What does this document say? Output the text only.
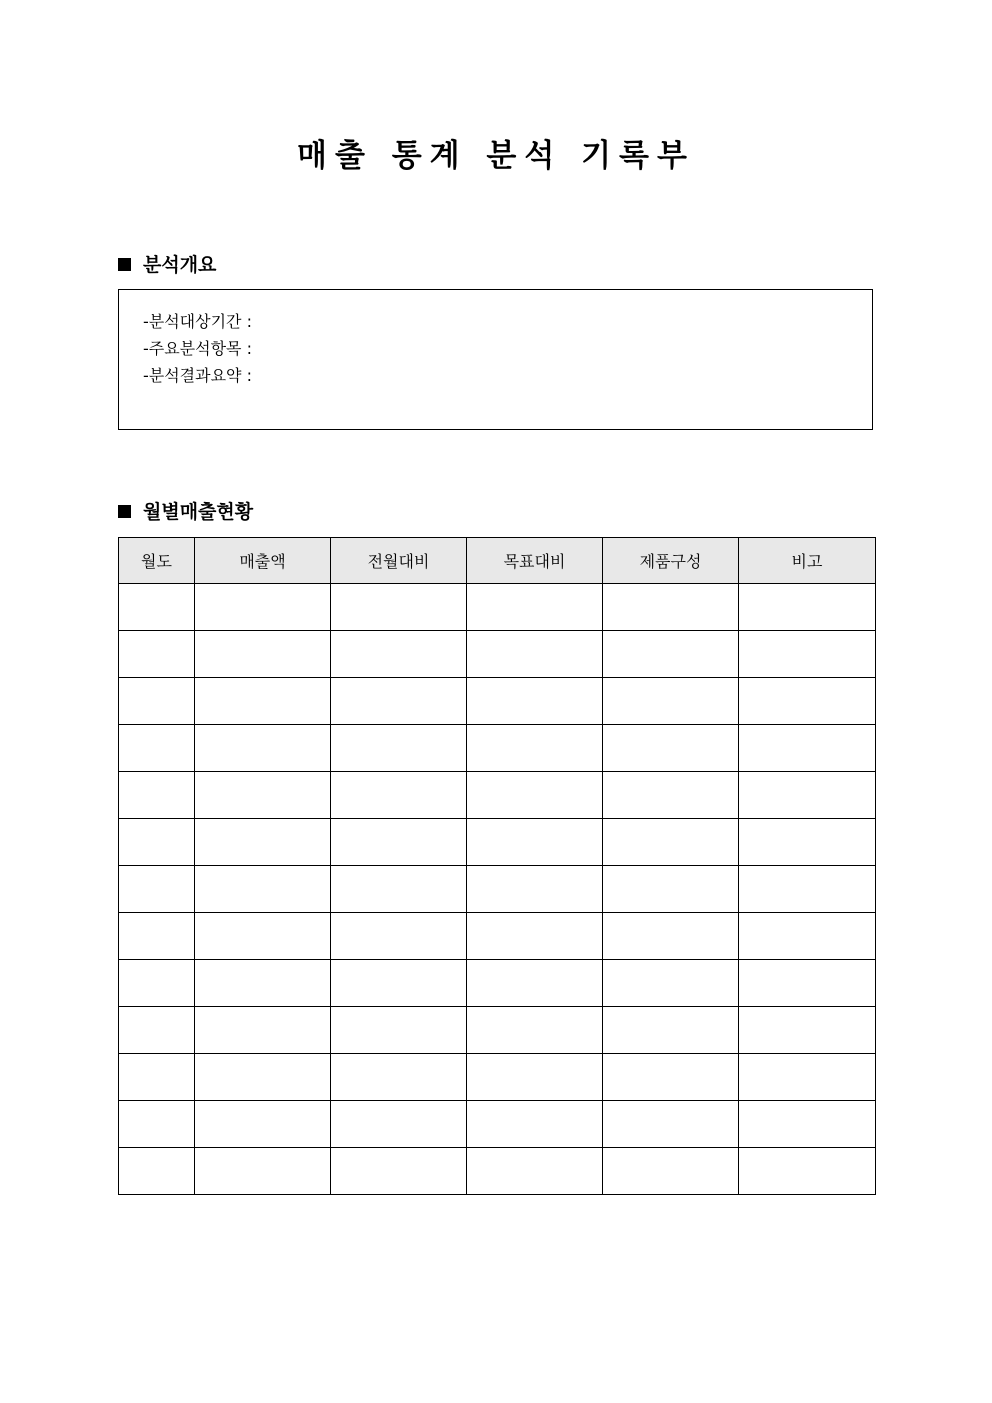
매출 통계 분석 기록부
분석개요
-분석대상기간 :
-주요분석항목 :
-분석결과요약 :
월별매출현황
월도	매출액	전월대비	목표대비	제품구성	비고
